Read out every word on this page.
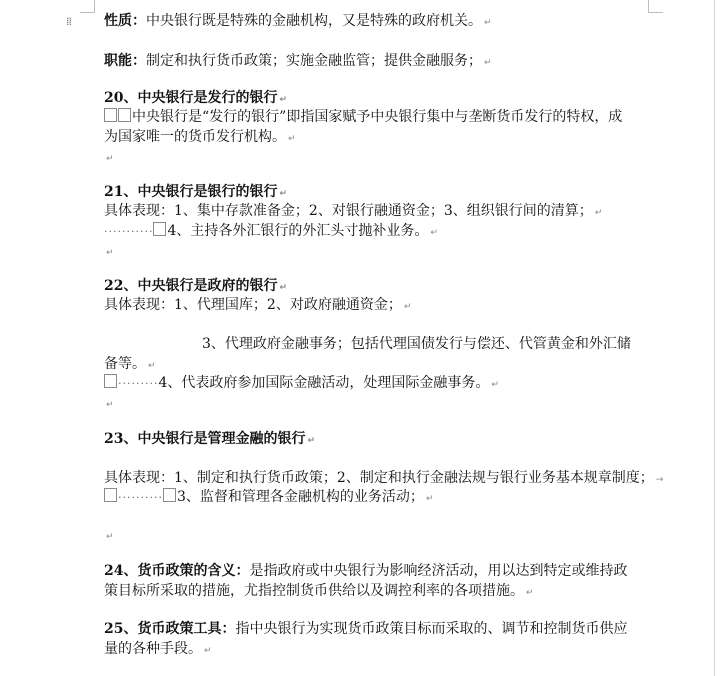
⁞⁞ 性质：中央银行既是特殊的金融机构，又是特殊的政府机关。 ↵
职能：制定和执行货币政策；实施金融监管；提供金融服务； ↵
20、中央银行是发行的银行 ↵
中央银行是“发行的银行”即指国家赋予中央银行集中与垄断货币发行的特权，成
为国家唯一的货币发行机构。 ↵
↵
21、中央银行是银行的银行 ↵
具体表现：1、集中存款准备金；2、对银行融通资金；3、组织银行间的清算； ↵
··········· 4、主持各外汇银行的外汇头寸抛补业务。 ↵
↵
22、中央银行是政府的银行 ↵
具体表现：1、代理国库；2、对政府融通资金； ↵
3、代理政府金融事务；包括代理国债发行与偿还、代管黄金和外汇储
备等。 ↵
·········4、代表政府参加国际金融活动，处理国际金融事务。 ↵
↵
23、中央银行是管理金融的银行 ↵
具体表现：1、制定和执行货币政策；2、制定和执行金融法规与银行业务基本规章制度； →
·········· 3、监督和管理各金融机构的业务活动； ↵
↵
24、货币政策的含义：是指政府或中央银行为影响经济活动，用以达到特定或维持政
策目标所采取的措施，尤指控制货币供给以及调控利率的各项措施。 ↵
25、货币政策工具：指中央银行为实现货币政策目标而采取的、调节和控制货币供应
量的各种手段。 ↵
